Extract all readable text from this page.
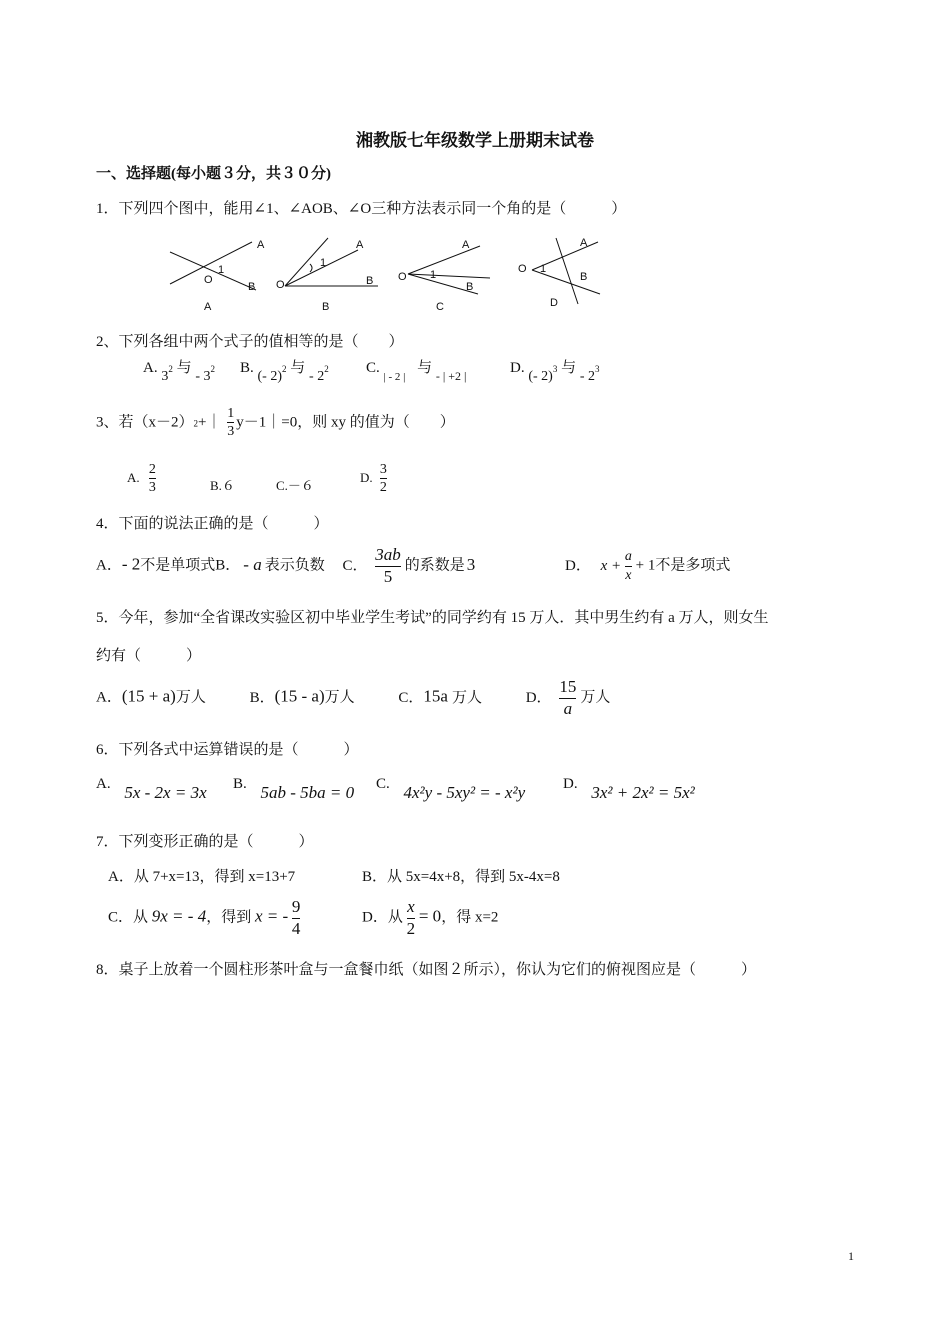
湘教版七年级数学上册期末试卷
一、选择题(每小题３分，共３０分)
1．下列四个图中，能用∠1、∠AOB、∠O三种方法表示同一个角的是（　　　）
O
1
A
B
A
O
1
A
B
B
O 1
A
B
C
O 1
A
B
D
2、下列各组中两个式子的值相等的是（　　）
A. $3^2$ 与 - $3^2$ B. (- 2)$^2$ 与 - $2^2$ C. $_{| - 2 |}$ 与 $_{- | +2 |}$	D. (- 2)$^3$ 与 - $2^3$
3、若（x－2）2+｜ $\frac{1}{3}$ y－1｜=0，则 xy 的值为（　　）
A. $\frac{2}{3}$	B.６	C.－６
D. $\frac{3}{2}$
4．下面的说法正确的是（　　　）
A．- 2不是单项式B． - a 表示负数 C． $\frac{3ab}{5}$ 的系数是 3	D． $x + \frac{a}{x} + 1$不是多项式
5．今年，参加“全省课改实验区初中毕业学生考试”的同学约有 15 万人．其中男生约有 a 万人，则女生
约有（　　　）
A．(15 + a)万人	B．(15 - a)万人	C．15a 万人	D． $\frac{15}{a}$ 万人
6．下列各式中运算错误的是（　　　）
A. 5x - 2x = 3x B. 5ab - 5ba = 0 C. 4x²y - 5xy² = - x²y	D. 3x² + 2x² = 5x²
7．下列变形正确的是（　　　）
A．从 7+x=13，得到 x=13+7	B．从 5x=4x+8，得到 5x-4x=8
C．从 9x = - 4，得到 x = - $\frac{9}{4}$	D．从 $\frac{x}{2} = 0$，得 x=2
8．桌子上放着一个圆柱形茶叶盒与一盒餐巾纸（如图２所示），你认为它们的俯视图应是（　　　）
1
